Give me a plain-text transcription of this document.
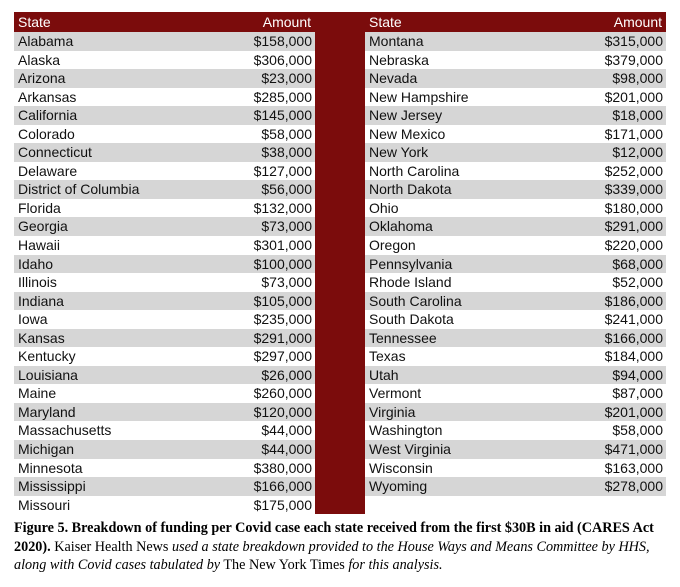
State	Amount
Alabama	$158,000
Alaska	$306,000
Arizona	$23,000
Arkansas	$285,000
California	$145,000
Colorado	$58,000
Connecticut	$38,000
Delaware	$127,000
District of Columbia	$56,000
Florida	$132,000
Georgia	$73,000
Hawaii	$301,000
Idaho	$100,000
Illinois	$73,000
Indiana	$105,000
Iowa	$235,000
Kansas	$291,000
Kentucky	$297,000
Louisiana	$26,000
Maine	$260,000
Maryland	$120,000
Massachusetts	$44,000
Michigan	$44,000
Minnesota	$380,000
Mississippi	$166,000
Missouri	$175,000
State	Amount
Montana	$315,000
Nebraska	$379,000
Nevada	$98,000
New Hampshire	$201,000
New Jersey	$18,000
New Mexico	$171,000
New York	$12,000
North Carolina	$252,000
North Dakota	$339,000
Ohio	$180,000
Oklahoma	$291,000
Oregon	$220,000
Pennsylvania	$68,000
Rhode Island	$52,000
South Carolina	$186,000
South Dakota	$241,000
Tennessee	$166,000
Texas	$184,000
Utah	$94,000
Vermont	$87,000
Virginia	$201,000
Washington	$58,000
West Virginia	$471,000
Wisconsin	$163,000
Wyoming	$278,000
Figure 5. Breakdown of funding per Covid case each state received from the first $30B in aid (CARES Act 2020). Kaiser Health News used a state breakdown provided to the House Ways and Means Committee by HHS, along with Covid cases tabulated by The New York Times for this analysis.
